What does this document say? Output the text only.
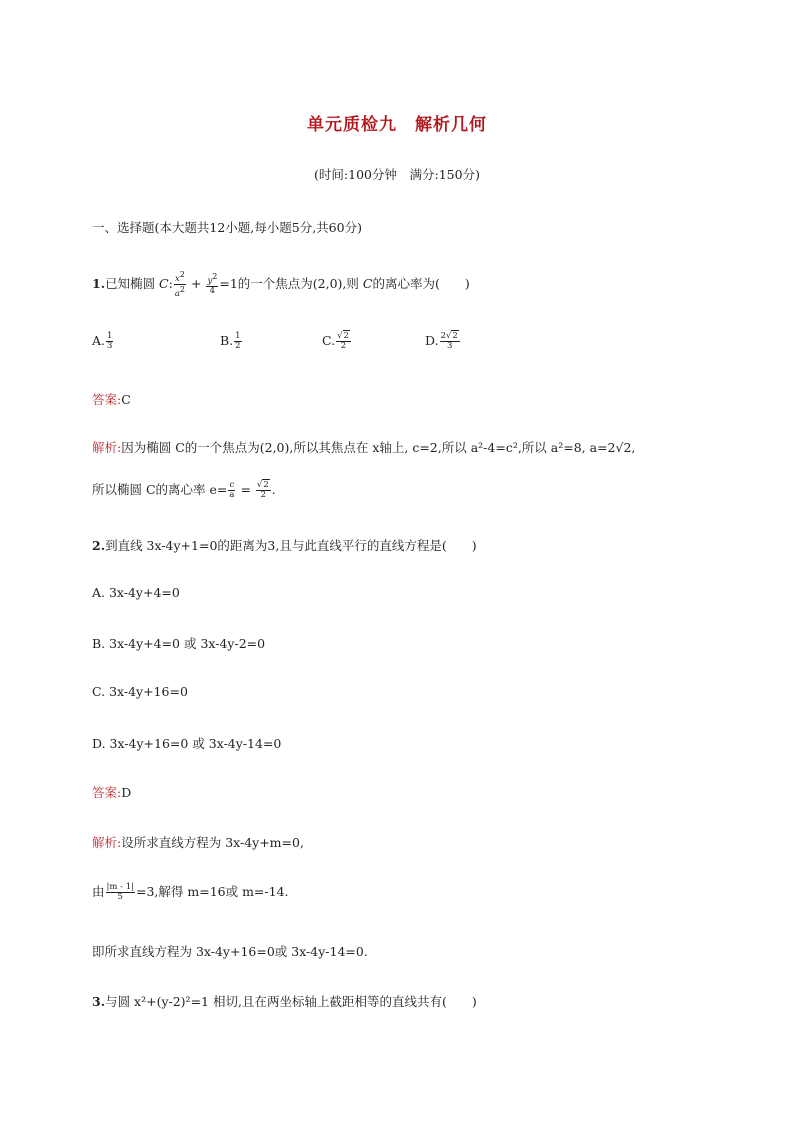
单元质检九　解析几何
(时间:100分钟　满分:150分)
一、选择题(本大题共12小题,每小题5分,共60分)
1.已知椭圆 C: $\frac{x^2}{a^2} + \frac{y^2}{4} =1$的一个焦点为(2,0),则 C的离心率为(　　)
A. $\frac{1}{3}$	B. $\frac{1}{2}$	C. $\frac{√2}{2}$	D. $\frac{2√2}{3}$
答案:C
解析:因为椭圆 C的一个焦点为(2,0),所以其焦点在 x轴上, c=2,所以 a²-4=c²,所以 a²=8, a=2√2,
所以椭圆 C的离心率 $e= \frac{c}{a} = \frac{√2}{2}$ .
2.到直线 3x-4y+1=0的距离为3,且与此直线平行的直线方程是(　　)
A. 3x-4y+4=0
B. 3x-4y+4=0 或 3x-4y-2=0
C. 3x-4y+16=0
D. 3x-4y+16=0 或 3x-4y-14=0
答案:D
解析:设所求直线方程为 3x-4y+m=0,
由 $\frac{|m - 1|}{5} =3$,解得 m=16或 m=-14.
即所求直线方程为 3x-4y+16=0或 3x-4y-14=0.
3.与圆 x²+(y-2)²=1 相切,且在两坐标轴上截距相等的直线共有(　　)
